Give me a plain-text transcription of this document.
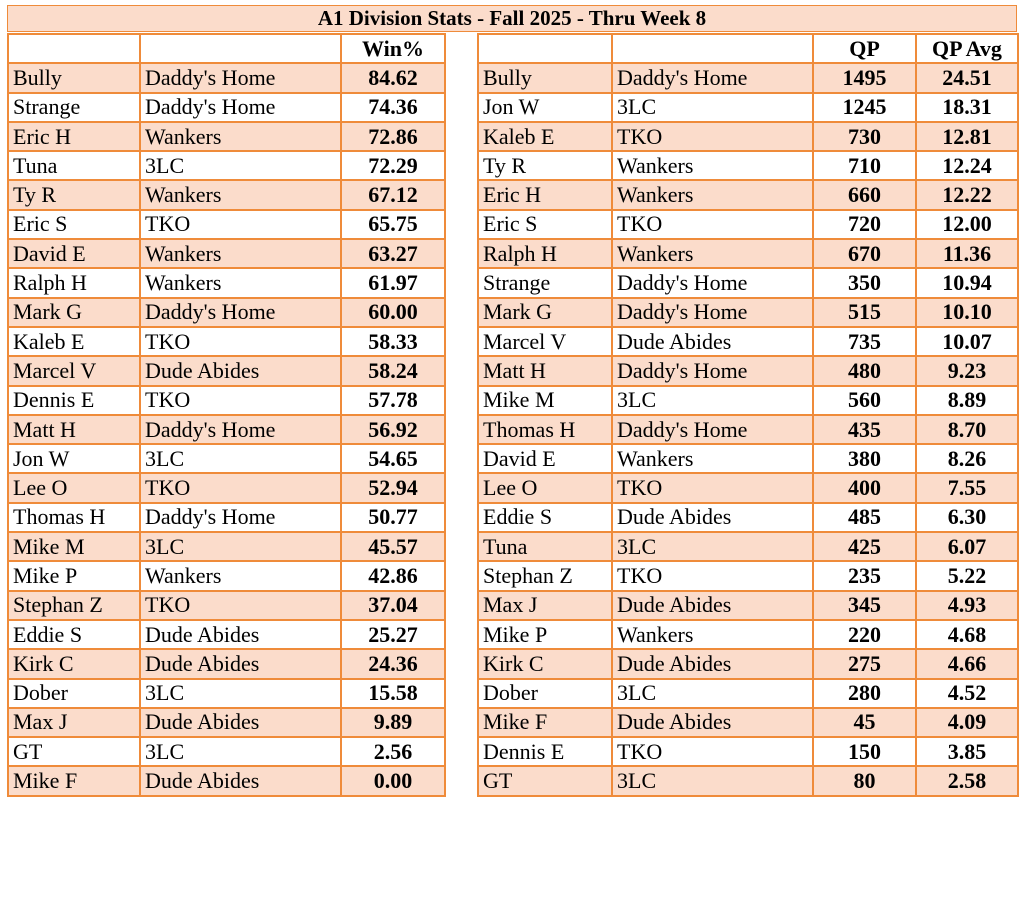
A1 Division Stats - Fall 2025 - Thru Week 8
		Win%
Bully	Daddy's Home	84.62
Strange	Daddy's Home	74.36
Eric H	Wankers	72.86
Tuna	3LC	72.29
Ty R	Wankers	67.12
Eric S	TKO	65.75
David E	Wankers	63.27
Ralph H	Wankers	61.97
Mark G	Daddy's Home	60.00
Kaleb E	TKO	58.33
Marcel V	Dude Abides	58.24
Dennis E	TKO	57.78
Matt H	Daddy's Home	56.92
Jon W	3LC	54.65
Lee O	TKO	52.94
Thomas H	Daddy's Home	50.77
Mike M	3LC	45.57
Mike P	Wankers	42.86
Stephan Z	TKO	37.04
Eddie S	Dude Abides	25.27
Kirk C	Dude Abides	24.36
Dober	3LC	15.58
Max J	Dude Abides	9.89
GT	3LC	2.56
Mike F	Dude Abides	0.00
		QP	QP Avg
Bully	Daddy's Home	1495	24.51
Jon W	3LC	1245	18.31
Kaleb E	TKO	730	12.81
Ty R	Wankers	710	12.24
Eric H	Wankers	660	12.22
Eric S	TKO	720	12.00
Ralph H	Wankers	670	11.36
Strange	Daddy's Home	350	10.94
Mark G	Daddy's Home	515	10.10
Marcel V	Dude Abides	735	10.07
Matt H	Daddy's Home	480	9.23
Mike M	3LC	560	8.89
Thomas H	Daddy's Home	435	8.70
David E	Wankers	380	8.26
Lee O	TKO	400	7.55
Eddie S	Dude Abides	485	6.30
Tuna	3LC	425	6.07
Stephan Z	TKO	235	5.22
Max J	Dude Abides	345	4.93
Mike P	Wankers	220	4.68
Kirk C	Dude Abides	275	4.66
Dober	3LC	280	4.52
Mike F	Dude Abides	45	4.09
Dennis E	TKO	150	3.85
GT	3LC	80	2.58
